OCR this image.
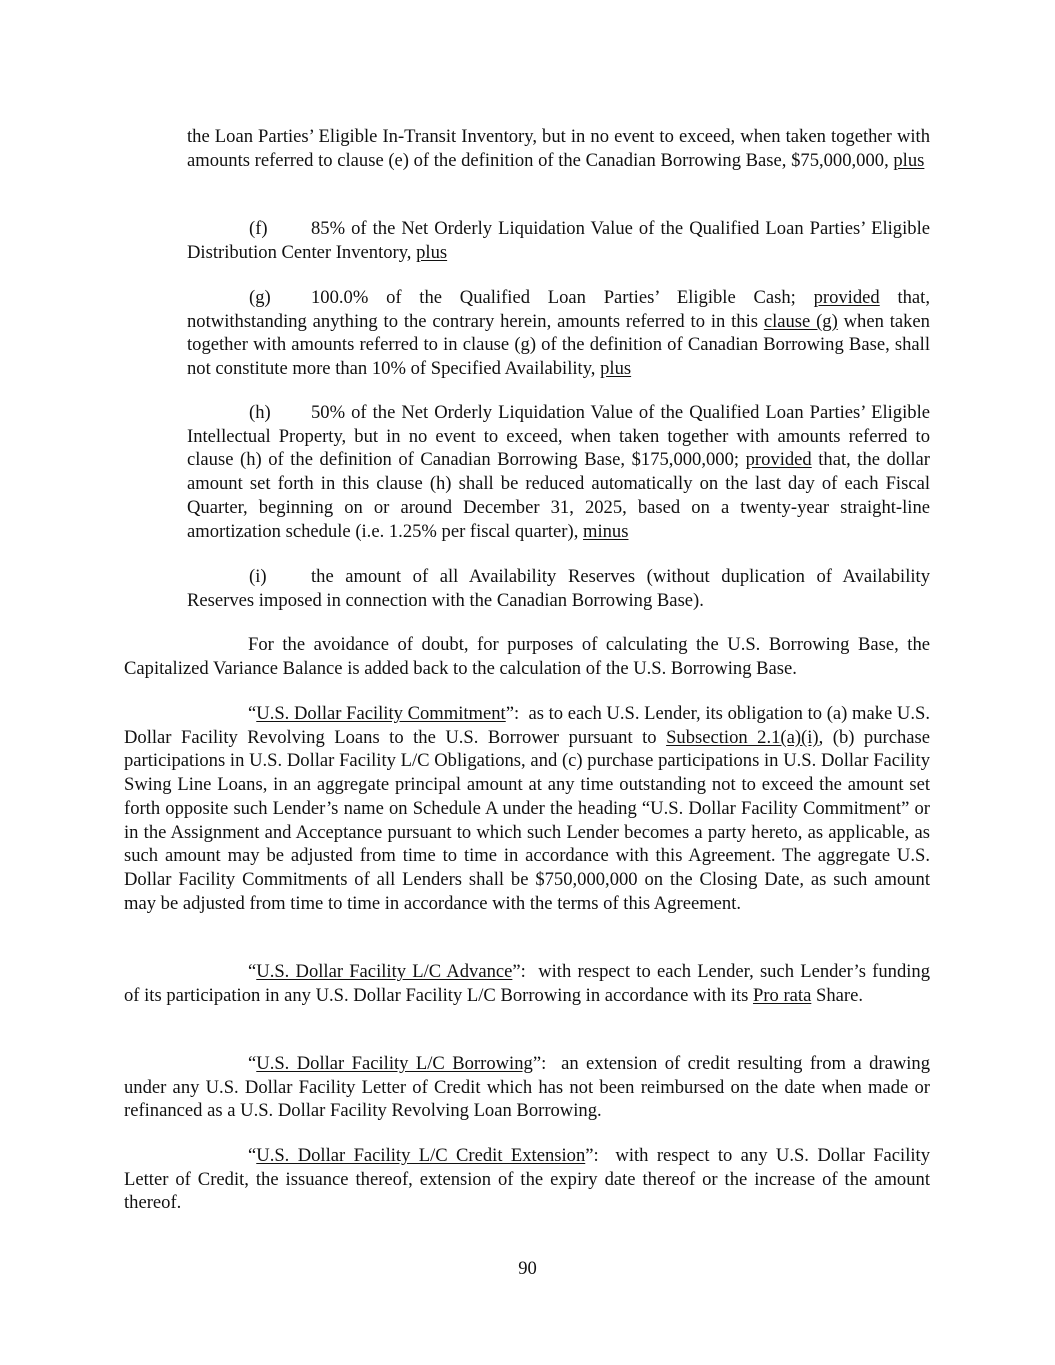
the Loan Parties’ Eligible In-Transit Inventory, but in no event to exceed, when taken together with amounts referred to clause (e) of the definition of the Canadian Borrowing Base, $75,000,000, plus

(f) 85% of the Net Orderly Liquidation Value of the Qualified Loan Parties’ Eligible Distribution Center Inventory, plus

(g) 100.0% of the Qualified Loan Parties’ Eligible Cash; provided that, notwithstanding anything to the contrary herein, amounts referred to in this clause (g) when taken together with amounts referred to in clause (g) of the definition of Canadian Borrowing Base, shall not constitute more than 10% of Specified Availability, plus

(h) 50% of the Net Orderly Liquidation Value of the Qualified Loan Parties’ Eligible Intellectual Property, but in no event to exceed, when taken together with amounts referred to clause (h) of the definition of Canadian Borrowing Base, $175,000,000; provided that, the dollar amount set forth in this clause (h) shall be reduced automatically on the last day of each Fiscal Quarter, beginning on or around December 31, 2025, based on a twenty-year straight-line amortization schedule (i.e. 1.25% per fiscal quarter), minus

(i) the amount of all Availability Reserves (without duplication of Availability Reserves imposed in connection with the Canadian Borrowing Base).

For the avoidance of doubt, for purposes of calculating the U.S. Borrowing Base, the Capitalized Variance Balance is added back to the calculation of the U.S. Borrowing Base.

“U.S. Dollar Facility Commitment”: as to each U.S. Lender, its obligation to (a) make U.S. Dollar Facility Revolving Loans to the U.S. Borrower pursuant to Subsection 2.1(a)(i), (b) purchase participations in U.S. Dollar Facility L/C Obligations, and (c) purchase participations in U.S. Dollar Facility Swing Line Loans, in an aggregate principal amount at any time outstanding not to exceed the amount set forth opposite such Lender’s name on Schedule A under the heading “U.S. Dollar Facility Commitment” or in the Assignment and Acceptance pursuant to which such Lender becomes a party hereto, as applicable, as such amount may be adjusted from time to time in accordance with this Agreement. The aggregate U.S. Dollar Facility Commitments of all Lenders shall be $750,000,000 on the Closing Date, as such amount may be adjusted from time to time in accordance with the terms of this Agreement.

“U.S. Dollar Facility L/C Advance”: with respect to each Lender, such Lender’s funding of its participation in any U.S. Dollar Facility L/C Borrowing in accordance with its Pro rata Share.

“U.S. Dollar Facility L/C Borrowing”: an extension of credit resulting from a drawing under any U.S. Dollar Facility Letter of Credit which has not been reimbursed on the date when made or refinanced as a U.S. Dollar Facility Revolving Loan Borrowing.

“U.S. Dollar Facility L/C Credit Extension”: with respect to any U.S. Dollar Facility Letter of Credit, the issuance thereof, extension of the expiry date thereof or the increase of the amount thereof.

90
